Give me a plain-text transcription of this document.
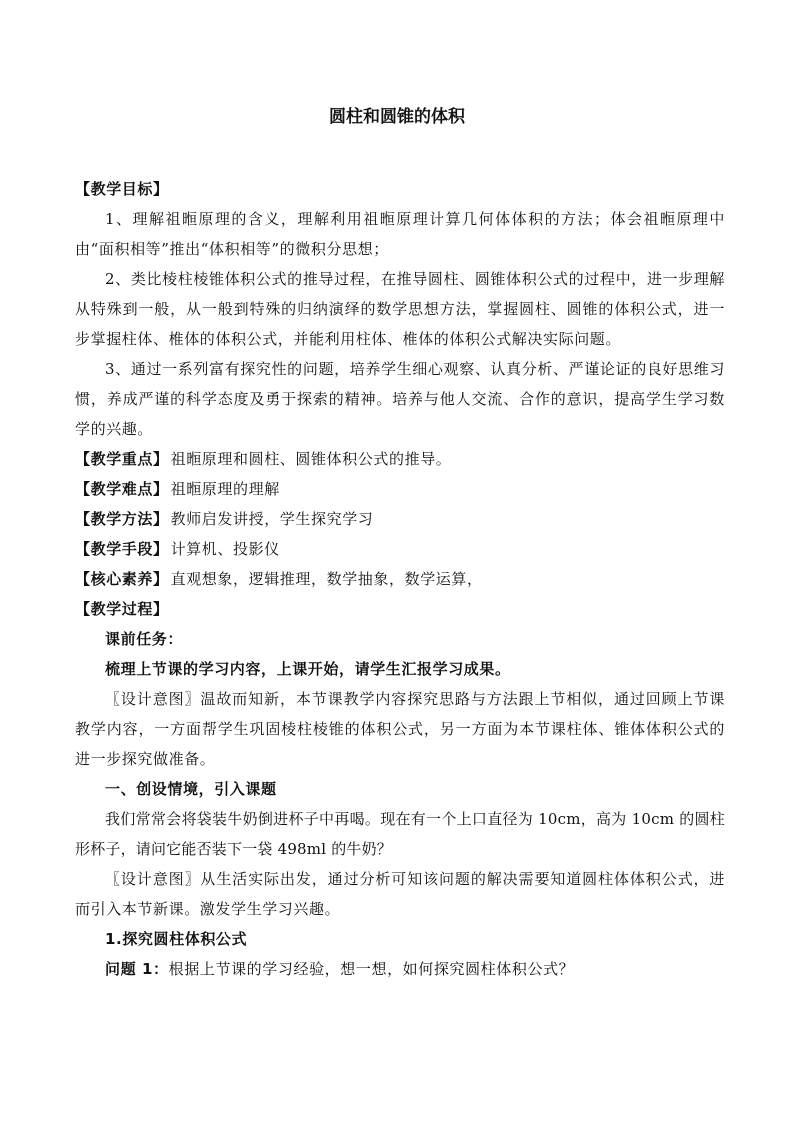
圆柱和圆锥的体积

【教学目标】

1、理解祖暅原理的含义，理解利用祖暅原理计算几何体体积的方法；体会祖暅原理中由“面积相等”推出“体积相等”的微积分思想；

2、类比棱柱棱锥体积公式的推导过程，在推导圆柱、圆锥体积公式的过程中，进一步理解从特殊到一般，从一般到特殊的归纳演绎的数学思想方法，掌握圆柱、圆锥的体积公式，进一步掌握柱体、椎体的体积公式，并能利用柱体、椎体的体积公式解决实际问题。

3、通过一系列富有探究性的问题，培养学生细心观察、认真分析、严谨论证的良好思维习惯，养成严谨的科学态度及勇于探索的精神。培养与他人交流、合作的意识，提高学生学习数学的兴趣。

【教学重点】 祖暅原理和圆柱、圆锥体积公式的推导。

【教学难点】 祖暅原理的理解

【教学方法】 教师启发讲授，学生探究学习

【教学手段】 计算机、投影仪

【核心素养】 直观想象，逻辑推理，数学抽象，数学运算，

【教学过程】

课前任务：

梳理上节课的学习内容，上课开始，请学生汇报学习成果。

〖设计意图〗温故而知新，本节课教学内容探究思路与方法跟上节相似，通过回顾上节课教学内容，一方面帮学生巩固棱柱棱锥的体积公式，另一方面为本节课柱体、锥体体积公式的进一步探究做准备。

一、创设情境，引入课题

我们常常会将袋装牛奶倒进杯子中再喝。现在有一个上口直径为 10cm，高为 10cm 的圆柱形杯子，请问它能否装下一袋 498ml 的牛奶？

〖设计意图〗从生活实际出发，通过分析可知该问题的解决需要知道圆柱体体积公式，进而引入本节新课。激发学生学习兴趣。

1.探究圆柱体积公式

问题 1：根据上节课的学习经验，想一想，如何探究圆柱体积公式？
